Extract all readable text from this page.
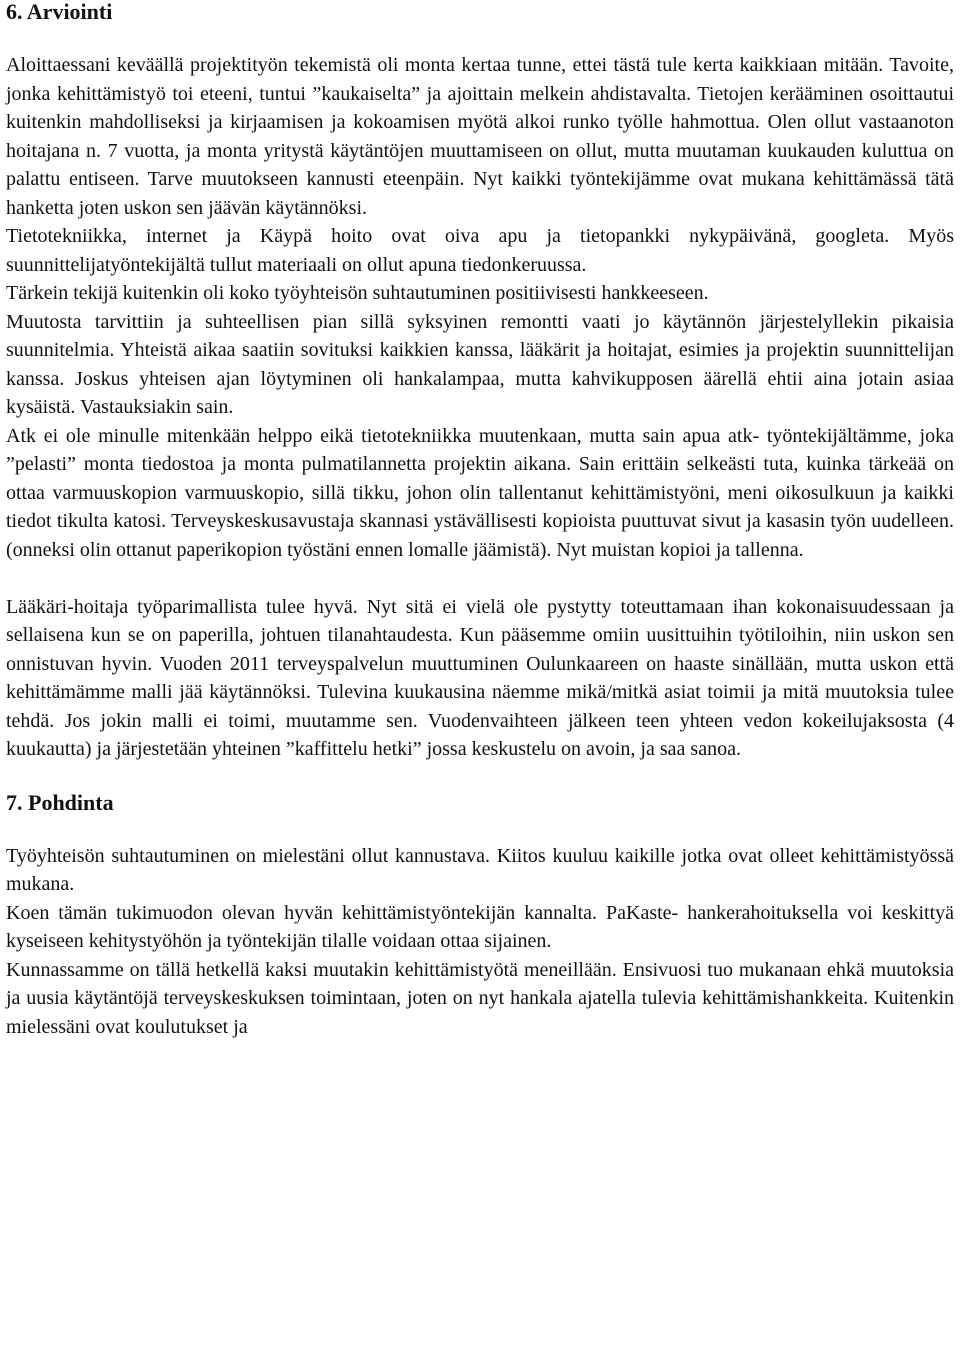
6. Arviointi

Aloittaessani keväällä projektityön tekemistä oli monta kertaa tunne, ettei tästä tule kerta kaikkiaan mitään. Tavoite, jonka kehittämistyö toi eteeni, tuntui ”kaukaiselta” ja ajoittain melkein ahdistavalta. Tietojen kerääminen osoittautui kuitenkin mahdolliseksi ja kirjaamisen ja kokoamisen myötä alkoi runko työlle hahmottua. Olen ollut vastaanoton hoitajana n. 7 vuotta, ja monta yritystä käytäntöjen muuttamiseen on ollut, mutta muutaman kuukauden kuluttua on palattu entiseen. Tarve muutokseen kannusti eteenpäin. Nyt kaikki työntekijämme ovat mukana kehittämässä tätä hanketta joten uskon sen jäävän käytännöksi.

Tietotekniikka, internet ja Käypä hoito ovat oiva apu ja tietopankki nykypäivänä, googleta. Myös suunnittelijatyöntekijältä tullut materiaali on ollut apuna tiedonkeruussa.

Tärkein tekijä kuitenkin oli koko työyhteisön suhtautuminen positiivisesti hankkeeseen.

Muutosta tarvittiin ja suhteellisen pian sillä syksyinen remontti vaati jo käytännön järjestelyllekin pikaisia suunnitelmia. Yhteistä aikaa saatiin sovituksi kaikkien kanssa, lääkärit ja hoitajat, esimies ja projektin suunnittelijan kanssa. Joskus yhteisen ajan löytyminen oli hankalampaa, mutta kahvikupposen äärellä ehtii aina jotain asiaa kysäistä. Vastauksiakin sain.

Atk ei ole minulle mitenkään helppo eikä tietotekniikka muutenkaan, mutta sain apua atk- työntekijältämme, joka ”pelasti” monta tiedostoa ja monta pulmatilannetta projektin aikana. Sain erittäin selkeästi tuta, kuinka tärkeää on ottaa varmuuskopion varmuuskopio, sillä tikku, johon olin tallentanut kehittämistyöni, meni oikosulkuun ja kaikki tiedot tikulta katosi. Terveyskeskusavustaja skannasi ystävällisesti kopioista puuttuvat sivut ja kasasin työn uudelleen.(onneksi olin ottanut paperikopion työstäni ennen lomalle jäämistä). Nyt muistan kopioi ja tallenna.

Lääkäri-hoitaja työparimallista tulee hyvä. Nyt sitä ei vielä ole pystytty toteuttamaan ihan kokonaisuudessaan ja sellaisena kun se on paperilla, johtuen tilanahtaudesta. Kun pääsemme omiin uusittuihin työtiloihin, niin uskon sen onnistuvan hyvin. Vuoden 2011 terveyspalvelun muuttuminen Oulunkaareen on haaste sinällään, mutta uskon että kehittämämme malli jää käytännöksi. Tulevina kuukausina näemme mikä/mitkä asiat toimii ja mitä muutoksia tulee tehdä. Jos jokin malli ei toimi, muutamme sen. Vuodenvaihteen jälkeen teen yhteen vedon kokeilujaksosta (4 kuukautta) ja järjestetään yhteinen ”kaffittelu hetki” jossa keskustelu on avoin, ja saa sanoa.

7. Pohdinta

Työyhteisön suhtautuminen on mielestäni ollut kannustava. Kiitos kuuluu kaikille jotka ovat olleet kehittämistyössä mukana.

Koen tämän tukimuodon olevan hyvän kehittämistyöntekijän kannalta. PaKaste- hankerahoituksella voi keskittyä kyseiseen kehitystyöhön ja työntekijän tilalle voidaan ottaa sijainen.

Kunnassamme on tällä hetkellä kaksi muutakin kehittämistyötä meneillään. Ensivuosi tuo mukanaan ehkä muutoksia ja uusia käytäntöjä terveyskeskuksen toimintaan, joten on nyt hankala ajatella tulevia kehittämishankkeita. Kuitenkin mielessäni ovat koulutukset ja
